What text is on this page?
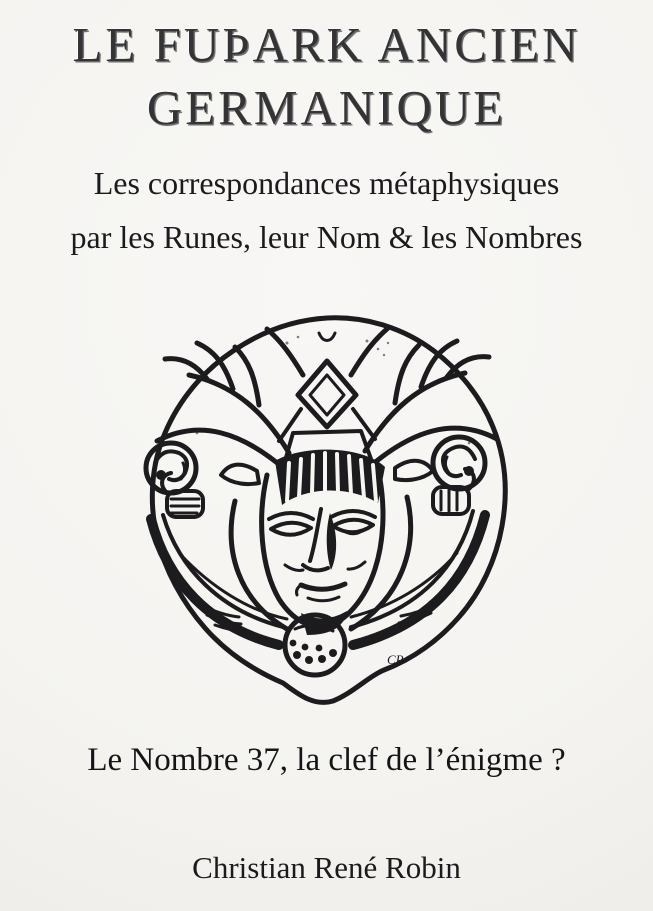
LE FUÞARK ANCIEN
GERMANIQUE

Les correspondances métaphysiques
par les Runes, leur Nom & les Nombres

CR

Le Nombre 37, la clef de l’énigme ?

Christian René Robin
